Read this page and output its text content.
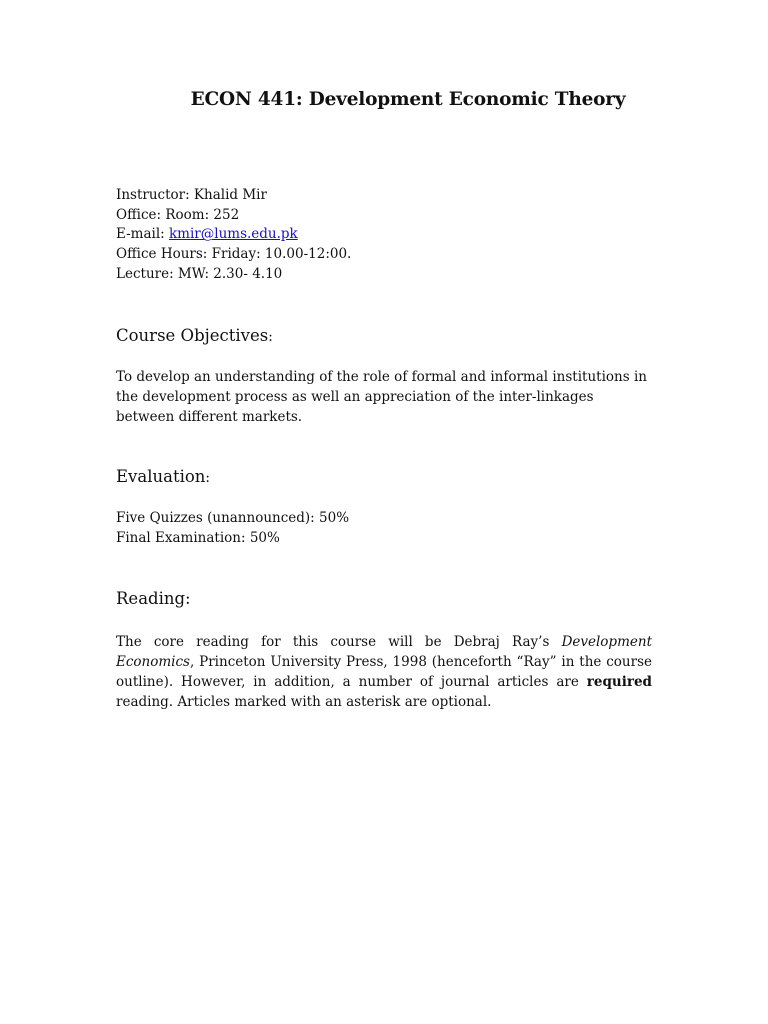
ECON 441: Development Economic Theory
Instructor: Khalid Mir
Office: Room: 252
E-mail: kmir@lums.edu.pk
Office Hours: Friday: 10.00-12:00.
Lecture: MW: 2.30- 4.10
Course Objectives:
To develop an understanding of the role of formal and informal institutions in the development process as well an appreciation of the inter-linkages between different markets.
Evaluation:
Five Quizzes (unannounced): 50%
Final Examination: 50%
Reading:
The core reading for this course will be Debraj Ray’s Development Economics, Princeton University Press, 1998 (henceforth “Ray” in the course outline). However, in addition, a number of journal articles are required reading. Articles marked with an asterisk are optional.
